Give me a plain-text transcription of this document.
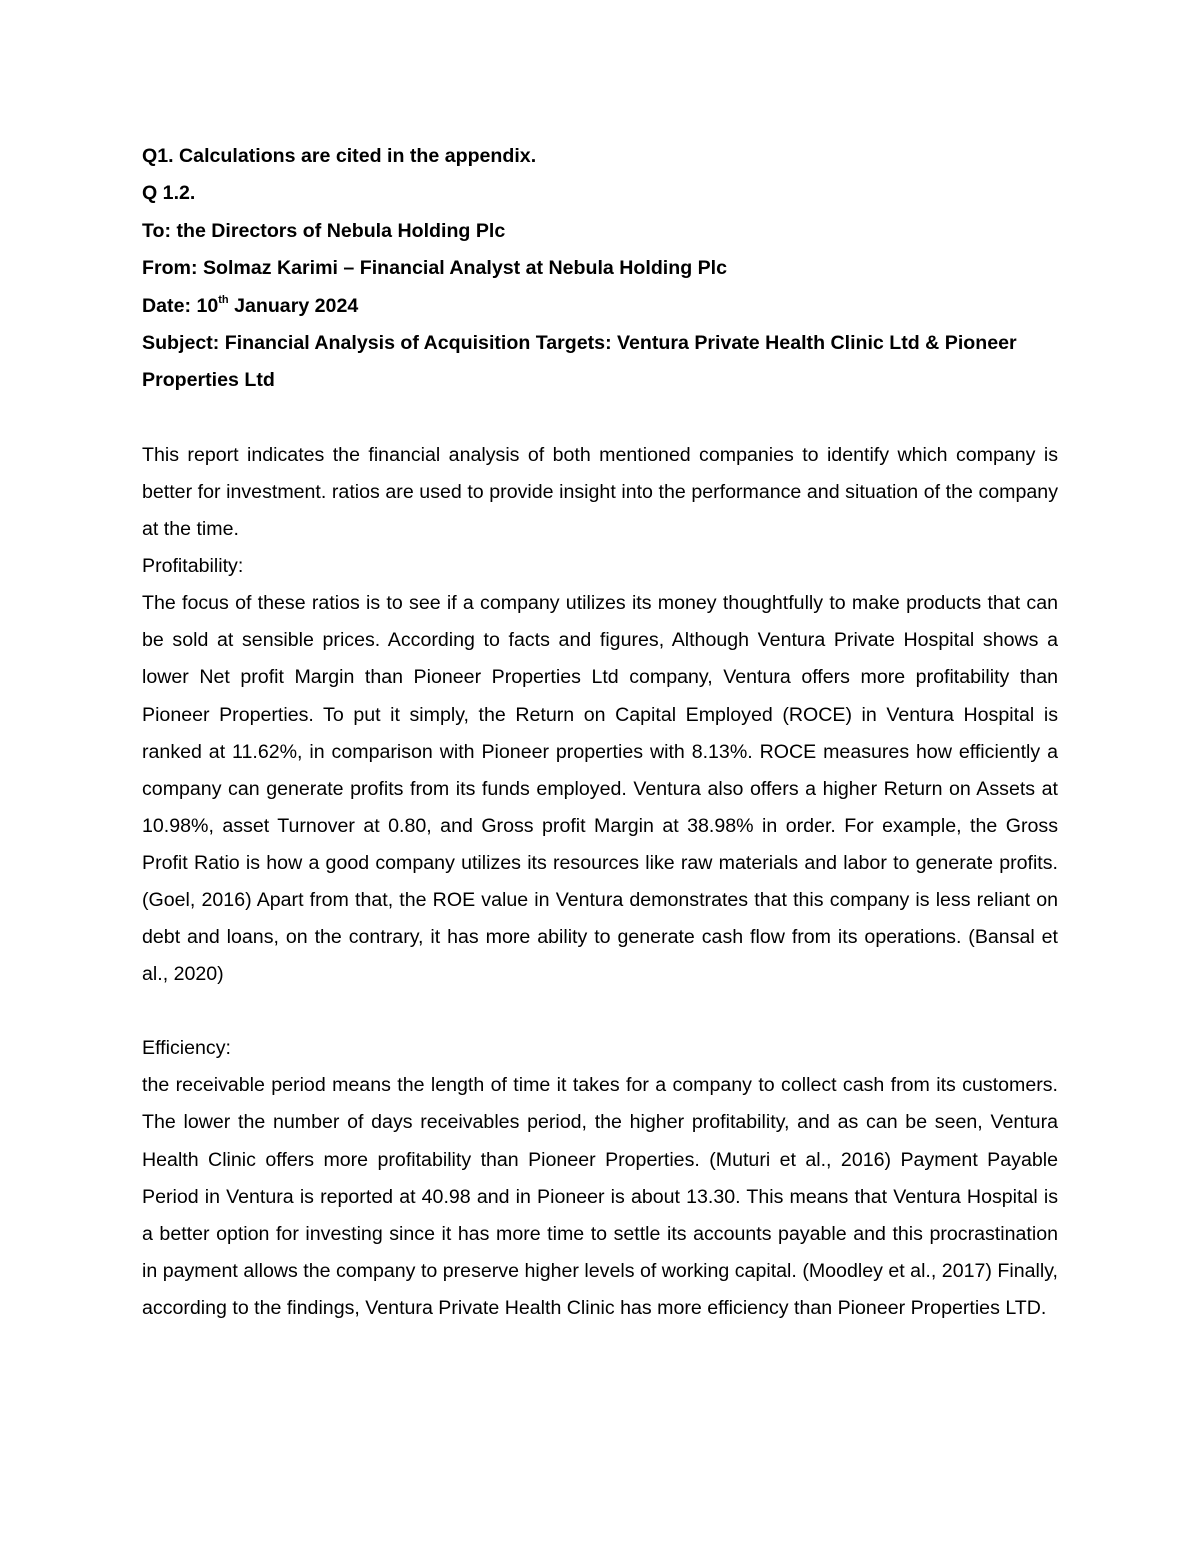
Q1. Calculations are cited in the appendix.

Q 1.2.

To: the Directors of Nebula Holding Plc

From: Solmaz Karimi – Financial Analyst at Nebula Holding Plc

Date: 10th January 2024

Subject: Financial Analysis of Acquisition Targets: Ventura Private Health Clinic Ltd & Pioneer Properties Ltd

This report indicates the financial analysis of both mentioned companies to identify which company is better for investment. ratios are used to provide insight into the performance and situation of the company at the time.

Profitability:

The focus of these ratios is to see if a company utilizes its money thoughtfully to make products that can be sold at sensible prices. According to facts and figures, Although Ventura Private Hospital shows a lower Net profit Margin than Pioneer Properties Ltd company, Ventura offers more profitability than Pioneer Properties. To put it simply, the Return on Capital Employed (ROCE) in Ventura Hospital is ranked at 11.62%, in comparison with Pioneer properties with 8.13%. ROCE measures how efficiently a company can generate profits from its funds employed. Ventura also offers a higher Return on Assets at 10.98%, asset Turnover at 0.80, and Gross profit Margin at 38.98% in order. For example, the Gross Profit Ratio is how a good company utilizes its resources like raw materials and labor to generate profits. (Goel, 2016) Apart from that, the ROE value in Ventura demonstrates that this company is less reliant on debt and loans, on the contrary, it has more ability to generate cash flow from its operations. (Bansal et al., 2020)

Efficiency:

the receivable period means the length of time it takes for a company to collect cash from its customers. The lower the number of days receivables period, the higher profitability, and as can be seen, Ventura Health Clinic offers more profitability than Pioneer Properties. (Muturi et al., 2016) Payment Payable Period in Ventura is reported at 40.98 and in Pioneer is about 13.30. This means that Ventura Hospital is a better option for investing since it has more time to settle its accounts payable and this procrastination in payment allows the company to preserve higher levels of working capital. (Moodley et al., 2017) Finally, according to the findings, Ventura Private Health Clinic has more efficiency than Pioneer Properties LTD.
